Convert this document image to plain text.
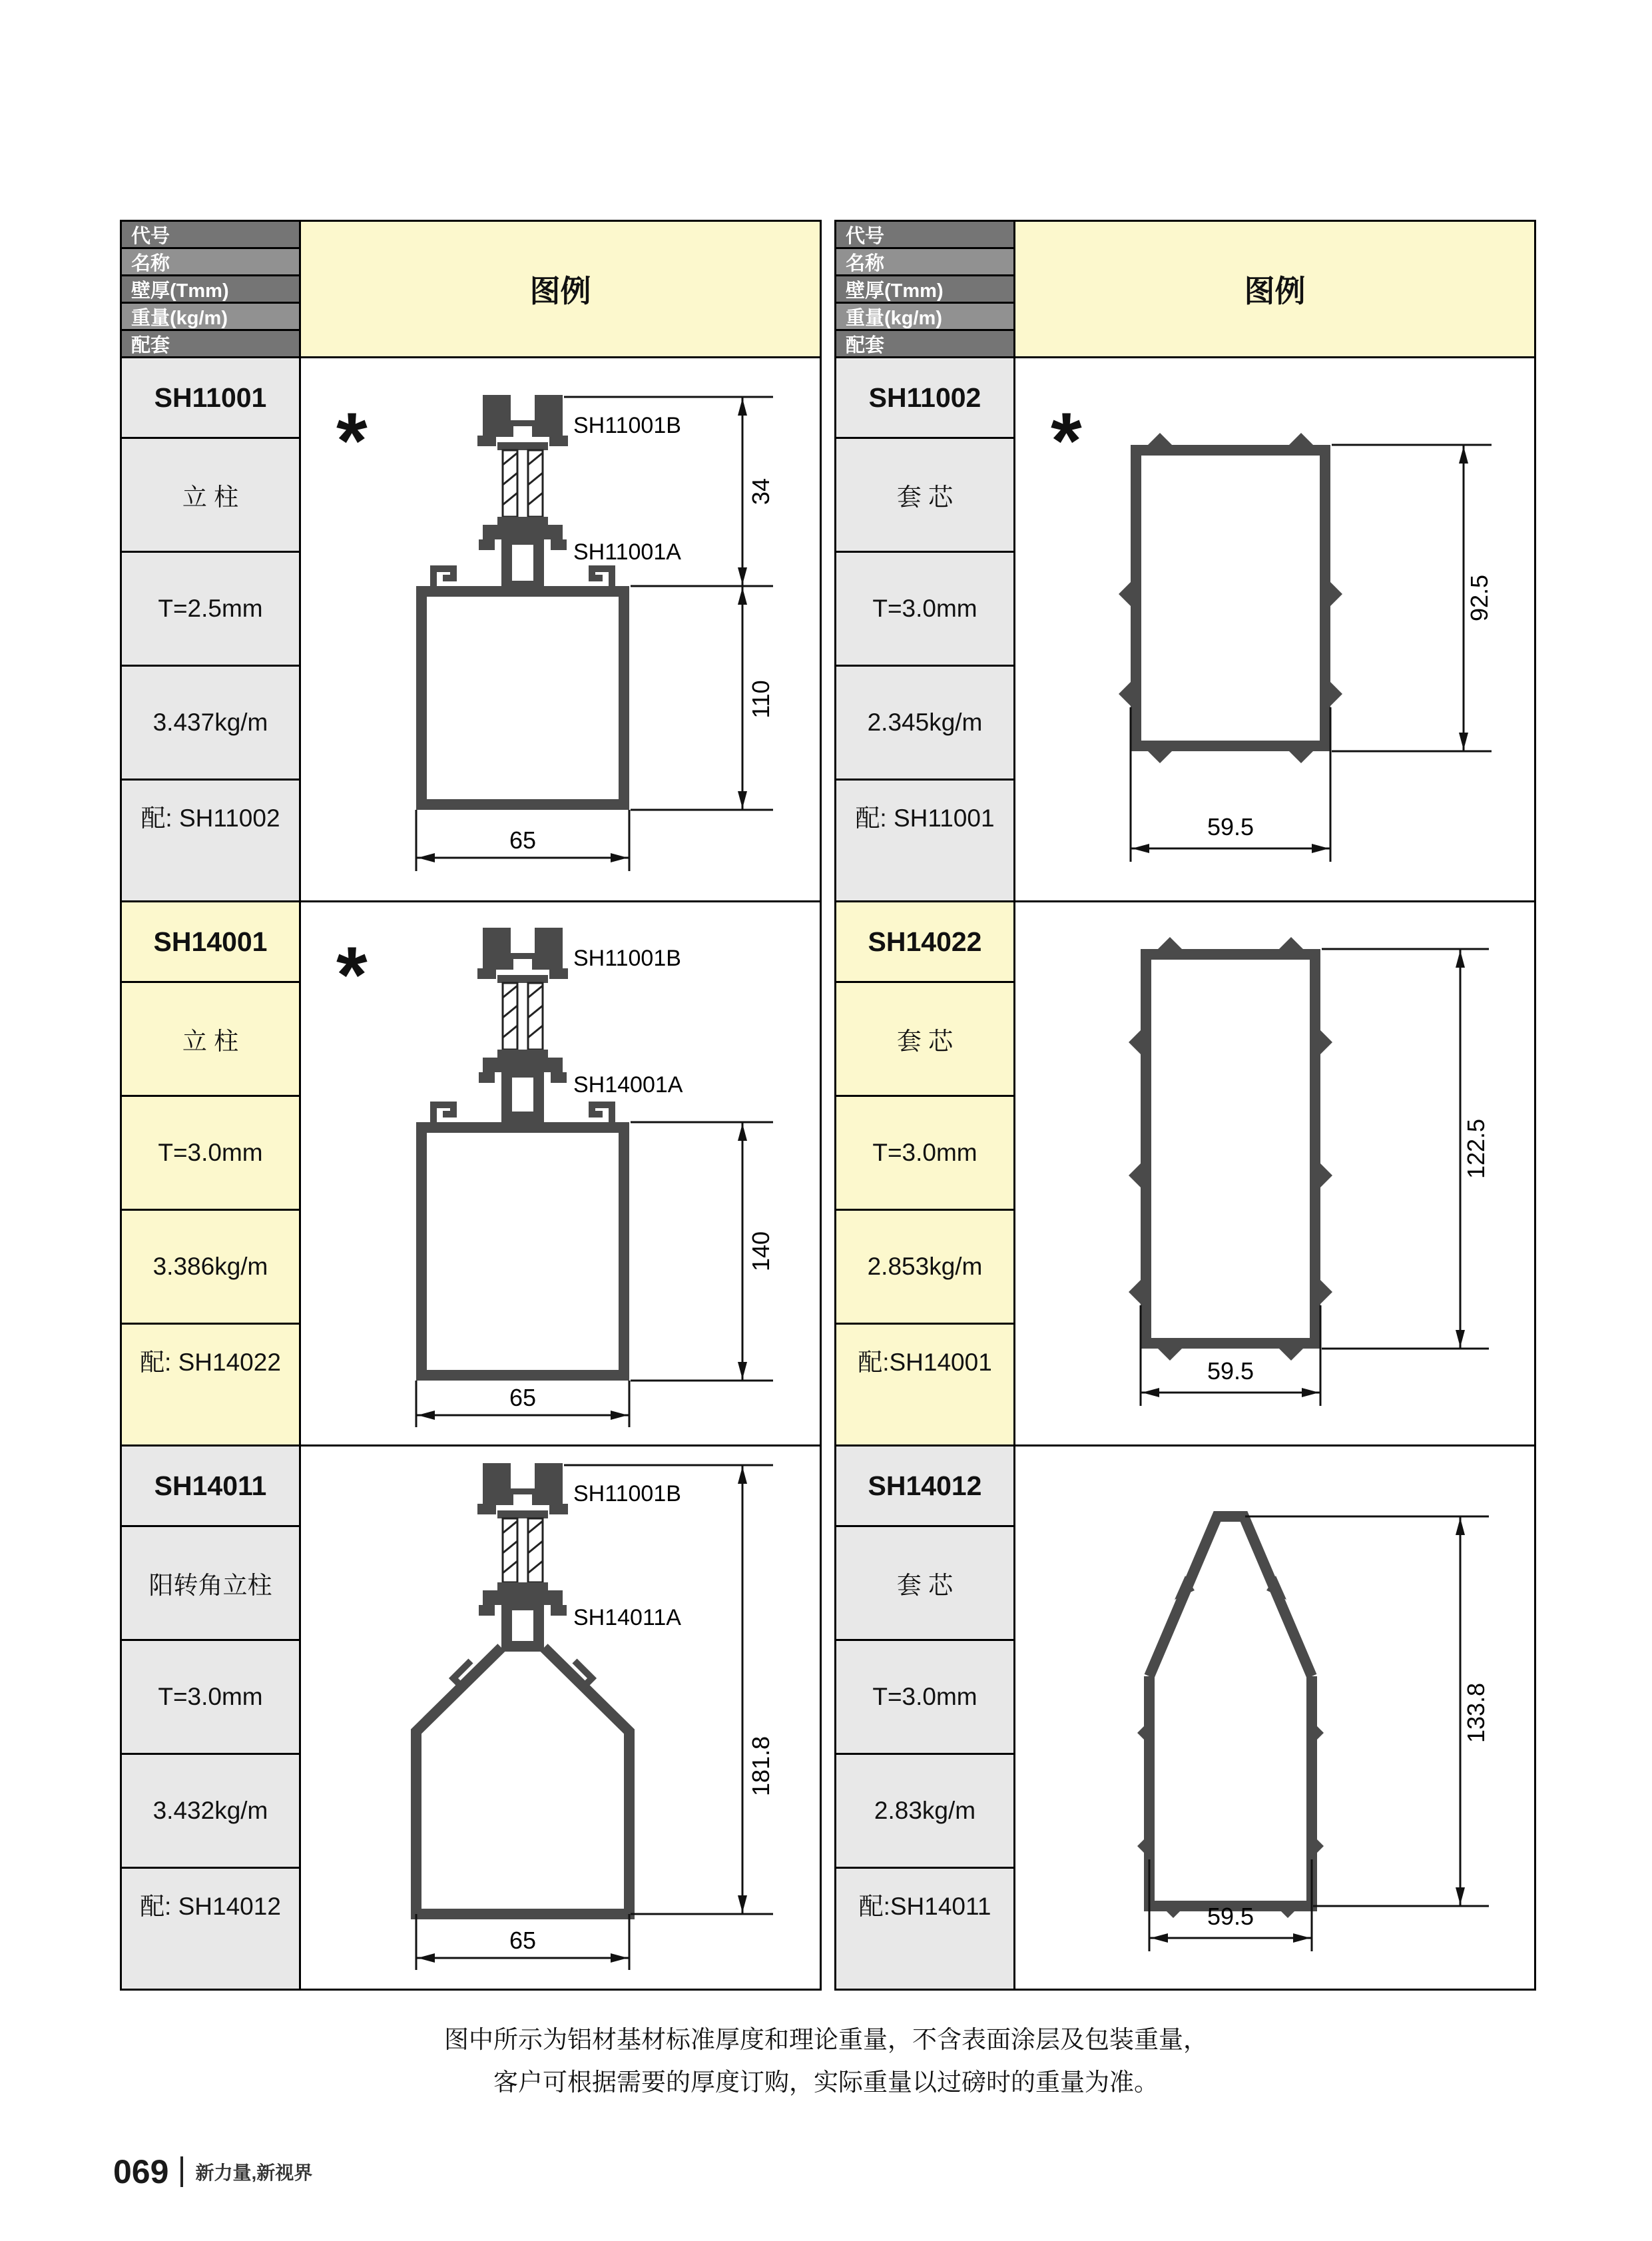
代号
名称
壁厚(Tmm)
重量(kg/m)
配套
SH11001
立 柱
T=2.5mm
3.437kg/m
配: SH11002
SH14001
立 柱
T=3.0mm
3.386kg/m
配: SH14022
SH14011
阳转角立柱
T=3.0mm
3.432kg/m
配: SH14012
图例
*	SH11001B
SH11001A
34
110
65
*	SH11001B
SH14001A
140
65
SH11001B
SH14011A
181.8
65
代号
名称
壁厚(Tmm)
重量(kg/m)
配套
SH11002
套 芯
T=3.0mm
2.345kg/m
配: SH11001
SH14022
套 芯
T=3.0mm
2.853kg/m
配:SH14001
SH14012
套 芯
T=3.0mm
2.83kg/m
配:SH14011
图例
*
92.5
59.5
122.5
59.5
133.8
59.5
图中所示为铝材基材标准厚度和理论重量，不含表面涂层及包装重量，
客户可根据需要的厚度订购，实际重量以过磅时的重量为准。
069 新力量,新视界
